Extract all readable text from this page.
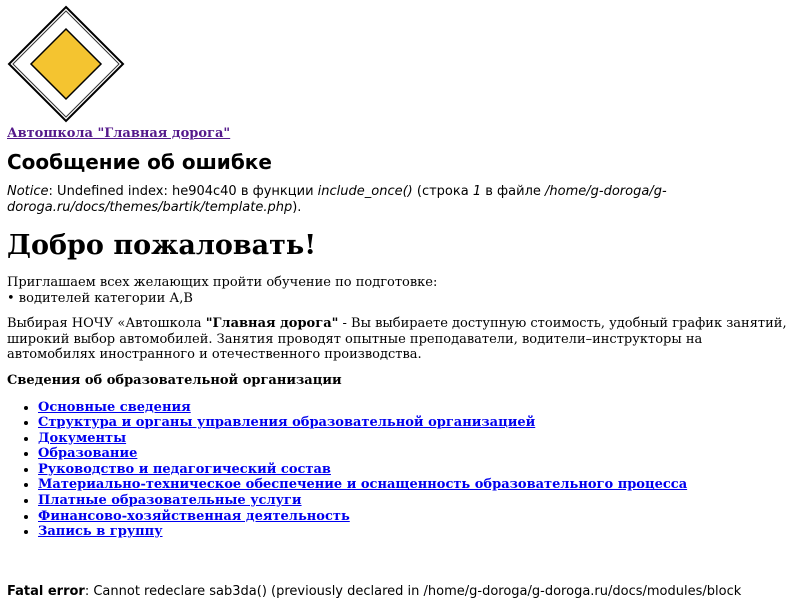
Автошкола "Главная дорога"
Сообщение об ошибке
Notice: Undefined index: he904c40 в функции include_once() (строка 1 в файле /home/g-doroga/g-doroga.ru/docs/themes/bartik/template.php).
Добро пожаловать!

Приглашаем всех желающих пройти обучение по подготовке:
• водителей категории А,В

Выбирая НОЧУ «Автошкола "Главная дорога" - Вы выбираете доступную стоимость, удобный график занятий, широкий выбор автомобилей. Занятия проводят опытные преподаватели, водители–инструкторы на автомобилях иностранного и отечественного производства.

Сведения об образовательной организации
• Основные сведения
• Структура и органы управления образовательной организацией
• Документы
• Образование
• Руководство и педагогический состав
• Материально-техническое обеспечение и оснащенность образовательного процесса
• Платные образовательные услуги
• Финансово-хозяйственная деятельность
• Запись в группу
Fatal error: Cannot redeclare sab3da() (previously declared in /home/g-doroga/g-doroga.ru/docs/modules/block
